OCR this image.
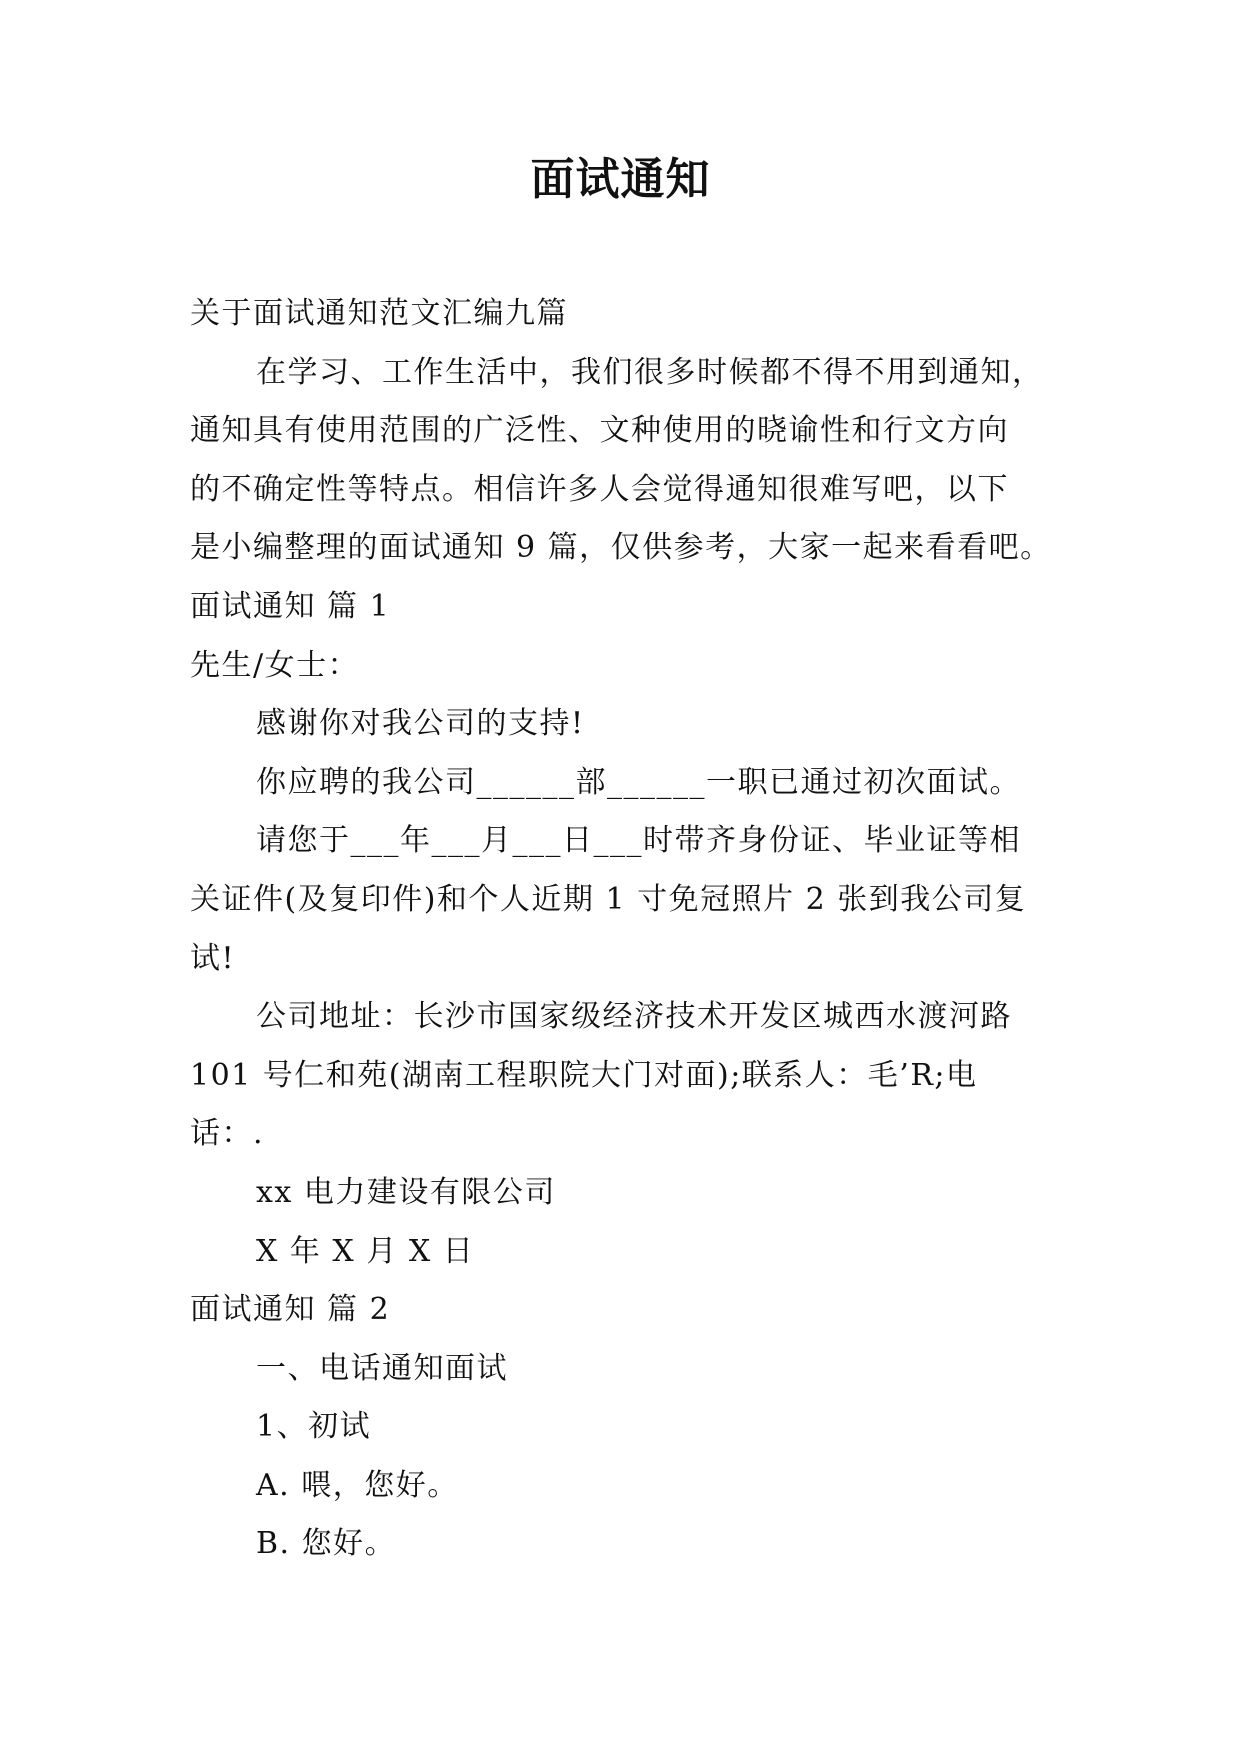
面试通知
关于面试通知范文汇编九篇
在学习、工作生活中，我们很多时候都不得不用到通知，
通知具有使用范围的广泛性、文种使用的晓谕性和行文方向
的不确定性等特点。相信许多人会觉得通知很难写吧，以下
是小编整理的面试通知 9 篇，仅供参考，大家一起来看看吧。
面试通知 篇 1
先生/女士：
感谢你对我公司的支持!
你应聘的我公司______部______一职已通过初次面试。
请您于___年___月___日___时带齐身份证、毕业证等相
关证件(及复印件)和个人近期 1 寸免冠照片 2 张到我公司复
试!
公司地址：长沙市国家级经济技术开发区城西水渡河路
101 号仁和苑(湖南工程职院大门对面);联系人：毛’R;电
话：.
xx 电力建设有限公司
X 年 X 月 X 日
面试通知 篇 2
一、电话通知面试
1、初试
A. 喂，您好。
B. 您好。
